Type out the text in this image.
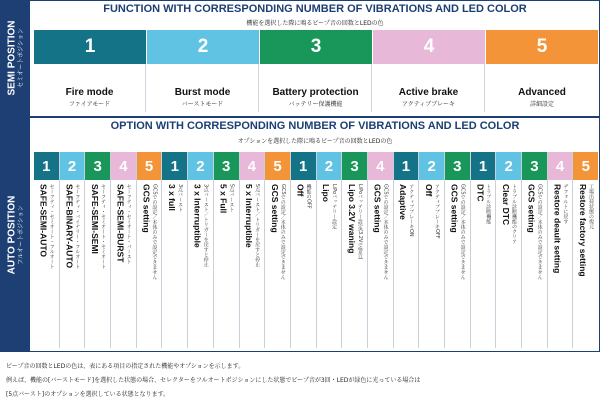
SEMI POSITION セミオートポジション
AUTO POSITION フルオートポジション
FUNCTION WITH CORRESPONDING NUMBER OF VIBRATIONS AND LED COLOR
機能を選択した際に鳴るビープ音の回数とLEDの色
1
Fire mode
ファイアモード
2
Burst mode
バーストモード
3
Battery protection
バッテリー保護機能
4
Active brake
アクティブブレーキ
5
Advanced
詳細設定
OPTION WITH CORRESPONDING NUMBER OF VIBRATIONS AND LED COLOR
オプションを選択した際に鳴るビープ音の回数とLEDの色
1
SAFE-SEMI-AUTO セーフティ・セミオート・フルオート
2
SAFE-BINARY-AUTO セーフティ・バイナリー・フルオート
3
SAFE-SEMI-SEMI セーフティ・セミオート・セミオート
4
SAFE-SEMI-BURST セーフティ・セミオート・バースト
5
GCS setting GCSでの設定／本体のみで設定できません
1
3 x full 3点バースト
2
3 x Interruptible 3点バースト／トリガーを戻すと停止
3
5 x Full 5点バースト
4
5 x Interruptible 5点バースト／トリガーを戻すと停止
5
GCS setting GCSでの設定／本体のみで設定できません
1
Off 機能のOFF
2
Lipo LiPoバッテリー設定
3
Lipo 3.2V waning LiPoバッテリー設定(3.2Vで警告)
4
GCS setting GCSでの設定／本体のみで設定できません
1
Adaptive アクティブブレーキON
2
Off アクティブブレーキOFF
3
GCS setting GCSでの設定／本体のみで設定できません
1
DTC トラブル診断機能
2
Clear DTC トラブル診断機能のクリア
3
GCS setting GCSでの設定／本体のみで設定できません
4
Restore deault setting デフォルトに戻す
5
Restore factory setting 工場出荷状態の復元
ビープ音の回数とLEDの色は、表にある項目の指定された機能やオプションを示します。
例えば、機能の[バーストモード]を選択した状態の場合、セレクターをフルオートポジションにした状態でビープ音が3回・LEDが緑色に光っている場合は
[5点バースト]のオプションを選択している状態となります。
